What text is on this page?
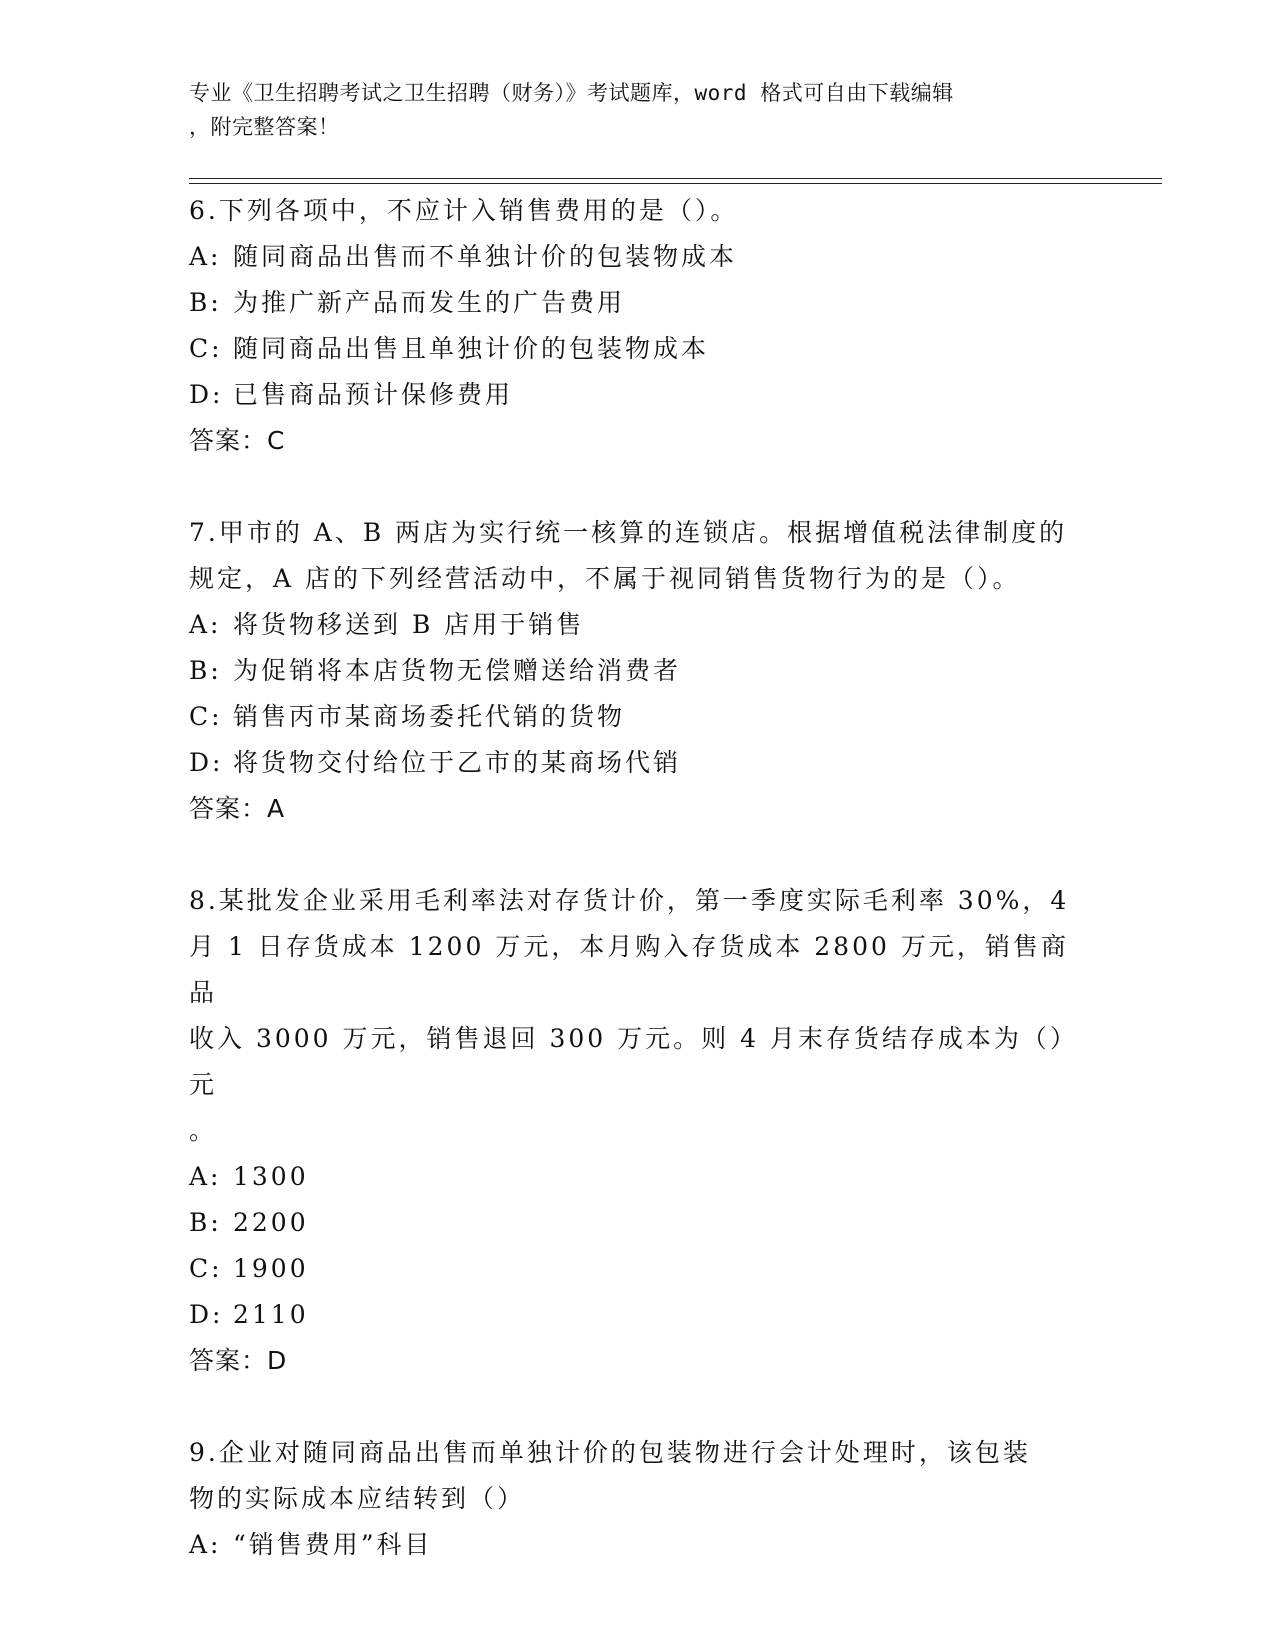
专业《卫生招聘考试之卫生招聘（财务）》考试题库，word 格式可自由下载编辑
，附完整答案！
6.下列各项中，不应计入销售费用的是（）。
A: 随同商品出售而不单独计价的包装物成本
B: 为推广新产品而发生的广告费用
C: 随同商品出售且单独计价的包装物成本
D: 已售商品预计保修费用
答案：C
7.甲市的 A、B 两店为实行统一核算的连锁店。根据增值税法律制度的
规定，A 店的下列经营活动中，不属于视同销售货物行为的是（）。
A: 将货物移送到 B 店用于销售
B: 为促销将本店货物无偿赠送给消费者
C: 销售丙市某商场委托代销的货物
D: 将货物交付给位于乙市的某商场代销
答案：A
8.某批发企业采用毛利率法对存货计价，第一季度实际毛利率 30%，4
月 1 日存货成本 1200 万元，本月购入存货成本 2800 万元，销售商品
收入 3000 万元，销售退回 300 万元。则 4 月末存货结存成本为（）元
。
A: 1300
B: 2200
C: 1900
D: 2110
答案：D
9.企业对随同商品出售而单独计价的包装物进行会计处理时，该包装
物的实际成本应结转到（）
A: “销售费用”科目
